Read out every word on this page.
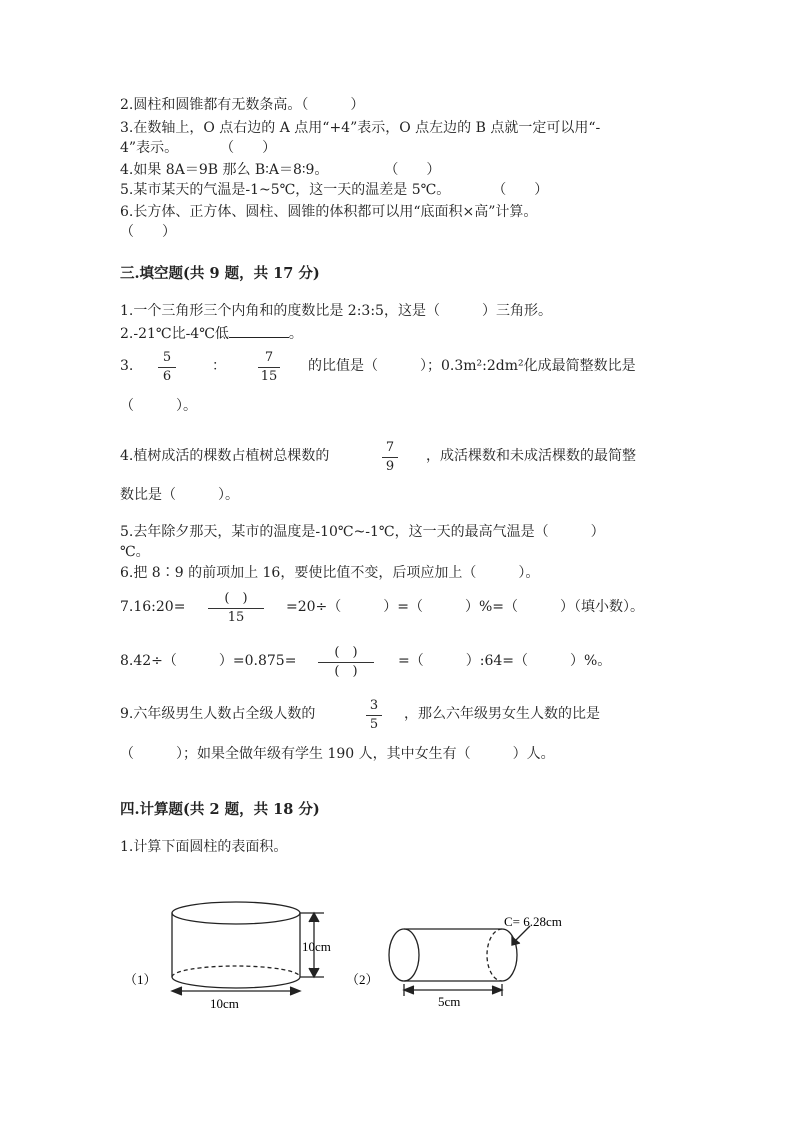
2.圆柱和圆锥都有无数条高。（　　　）
3.在数轴上，O 点右边的 A 点用“+4”表示，O 点左边的 B 点就一定可以用“-
4”表示。　　　　（　　）
4.如果 8A＝9B 那么 B∶A＝8∶9。　　　　　（　　）
5.某市某天的气温是-1~5℃，这一天的温差是 5℃。　　　　（　　）
6.长方体、正方体、圆柱、圆锥的体积都可以用“底面积×高”计算。
（　　）
三.填空题(共 9 题，共 17 分)
1.一个三角形三个内角和的度数比是 2:3:5，这是（　　　）三角形。
2.-21℃比-4℃低	。
3.
5
6
：
7
15
的比值是（　　　）；0.3m²:2dm²化成最简整数比是
（　　　）。
4.植树成活的棵数占植树总棵数的
7
9
，成活棵数和未成活棵数的最简整
数比是（　　　）。
5.去年除夕那天，某市的温度是-10℃~-1℃，这一天的最高气温是（　　　）
℃。
6.把 8∶9 的前项加上 16，要使比值不变，后项应加上（　　　）。
7.16:20=
(　)
15
=20÷（　　　）=（　　　）%=（　　　）（填小数）。
8.42÷（　　　）=0.875=
(　)
(　)
=（　　　）:64=（　　　）%。
9.六年级男生人数占全级人数的
3
5
，那么六年级男女生人数的比是
（　　　）；如果全做年级有学生 190 人，其中女生有（　　　）人。
四.计算题(共 2 题，共 18 分)
1.计算下面圆柱的表面积。
10cm
10cm
（1）
C= 6.28cm
5cm
（2）
